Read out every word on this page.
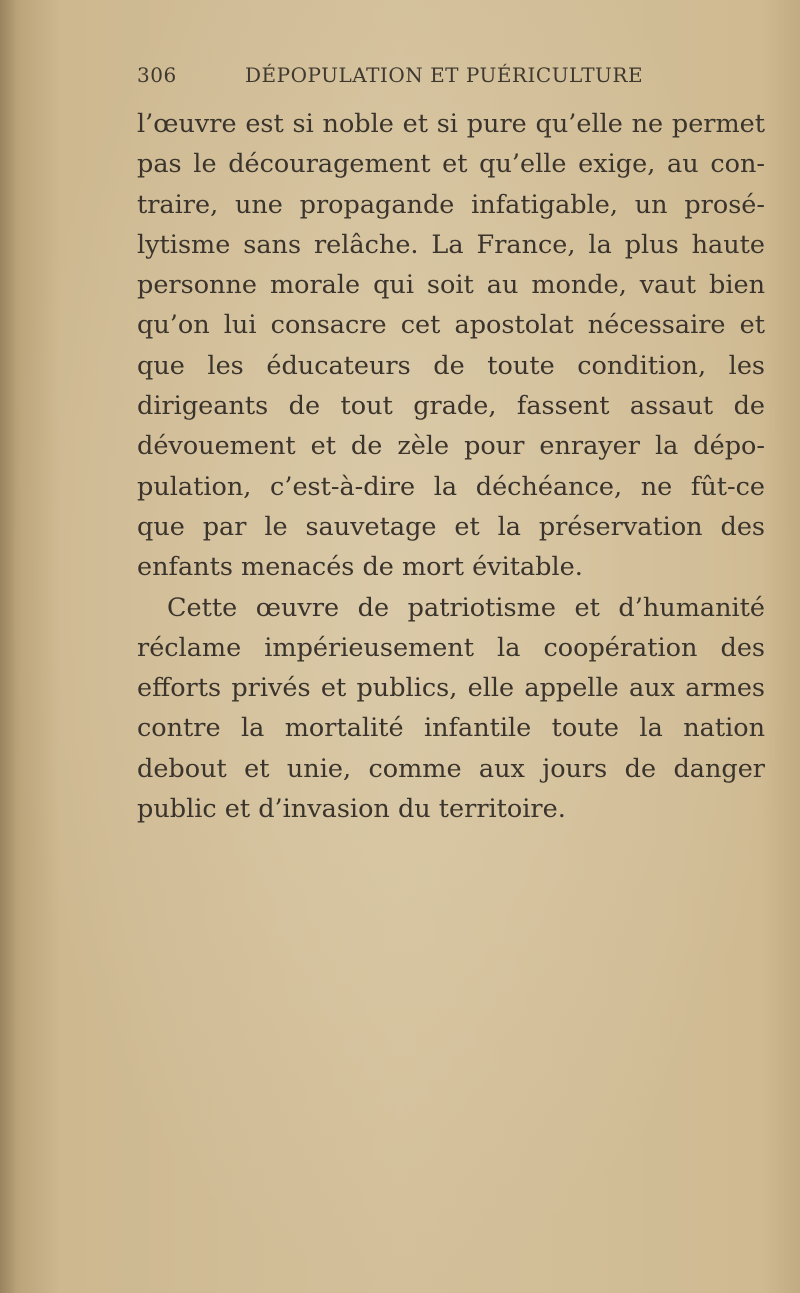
306	DÉPOPULATION ET PUÉRICULTURE
l’œuvre est si noble et si pure qu’elle ne permet
pas le découragement et qu’elle exige, au con-
traire, une propagande infatigable, un prosé-
lytisme sans relâche. La France, la plus haute
personne morale qui soit au monde, vaut bien
qu’on lui consacre cet apostolat nécessaire et
que les éducateurs de toute condition, les
dirigeants de tout grade, fassent assaut de
dévouement et de zèle pour enrayer la dépo-
pulation, c’est-à-dire la déchéance, ne fût-ce
que par le sauvetage et la préservation des
enfants menacés de mort évitable.
Cette œuvre de patriotisme et d’humanité
réclame impérieusement la coopération des
efforts privés et publics, elle appelle aux armes
contre la mortalité infantile toute la nation
debout et unie, comme aux jours de danger
public et d’invasion du territoire.
